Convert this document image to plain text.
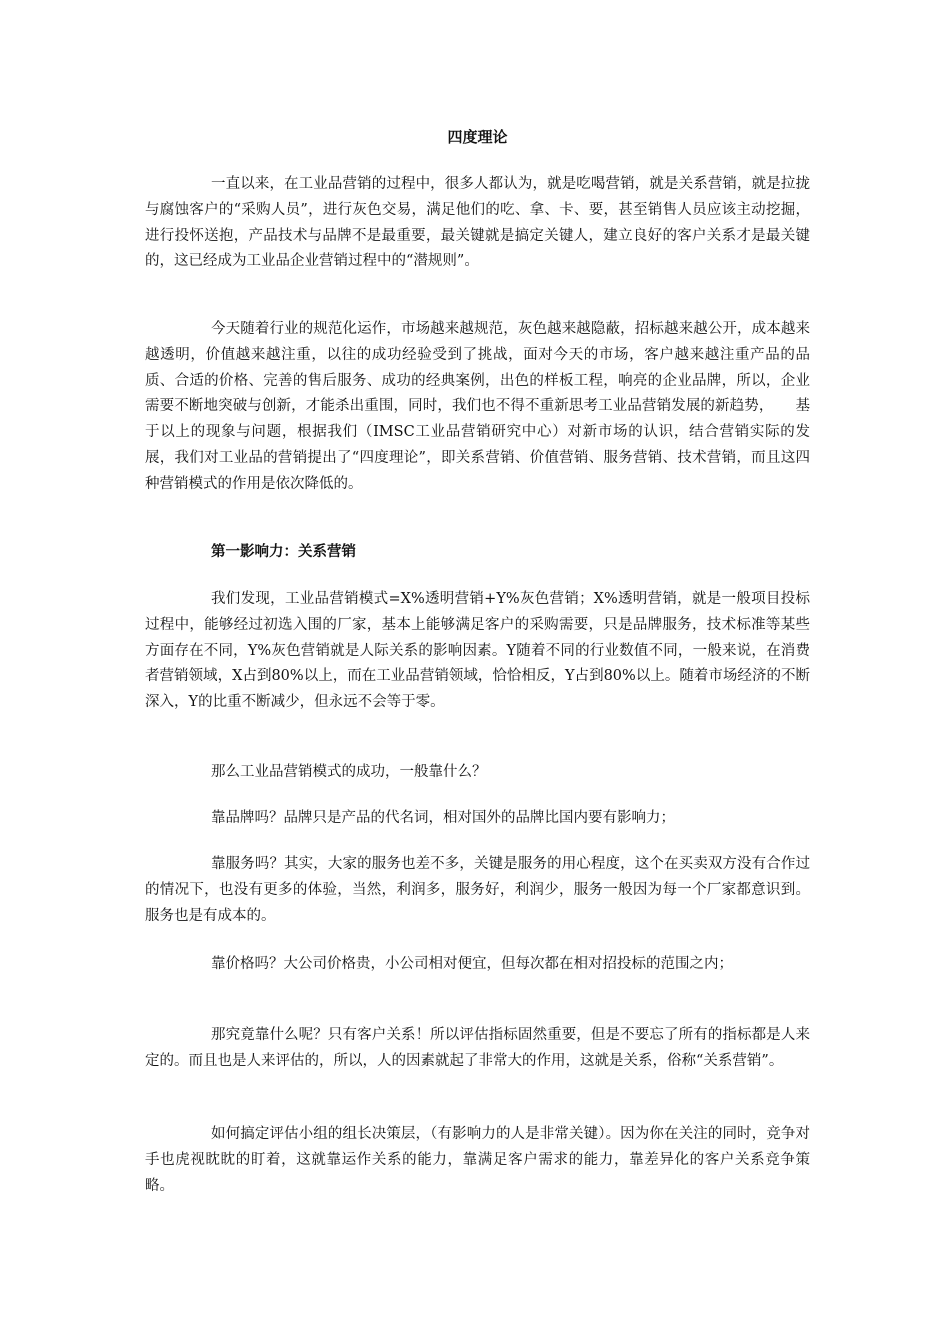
四度理论

一直以来，在工业品营销的过程中，很多人都认为，就是吃喝营销，就是关系营销，就是拉拢与腐蚀客户的“采购人员”，进行灰色交易，满足他们的吃、拿、卡、要，甚至销售人员应该主动挖掘，进行投怀送抱，产品技术与品牌不是最重要，最关键就是搞定关键人，建立良好的客户关系才是最关键的，这已经成为工业品企业营销过程中的“潜规则”。

今天随着行业的规范化运作，市场越来越规范，灰色越来越隐蔽，招标越来越公开，成本越来越透明，价值越来越注重，以往的成功经验受到了挑战，面对今天的市场，客户越来越注重产品的品质、合适的价格、完善的售后服务、成功的经典案例，出色的样板工程，响亮的企业品牌，所以，企业需要不断地突破与创新，才能杀出重围，同时，我们也不得不重新思考工业品营销发展的新趋势，　　基于以上的现象与问题，根据我们（IMSC工业品营销研究中心）对新市场的认识，结合营销实际的发展，我们对工业品的营销提出了“四度理论”，即关系营销、价值营销、服务营销、技术营销，而且这四种营销模式的作用是依次降低的。

第一影响力：关系营销

我们发现，工业品营销模式=X%透明营销+Y%灰色营销；X%透明营销，就是一般项目投标过程中，能够经过初选入围的厂家，基本上能够满足客户的采购需要，只是品牌服务，技术标准等某些方面存在不同，Y%灰色营销就是人际关系的影响因素。Y随着不同的行业数值不同，一般来说，在消费者营销领域，X占到80%以上，而在工业品营销领域，恰恰相反，Y占到80%以上。随着市场经济的不断深入，Y的比重不断减少，但永远不会等于零。

那么工业品营销模式的成功，一般靠什么？

靠品牌吗？品牌只是产品的代名词，相对国外的品牌比国内要有影响力；

靠服务吗？其实，大家的服务也差不多，关键是服务的用心程度，这个在买卖双方没有合作过的情况下，也没有更多的体验，当然，利润多，服务好，利润少，服务一般因为每一个厂家都意识到。服务也是有成本的。

靠价格吗？大公司价格贵，小公司相对便宜，但每次都在相对招投标的范围之内；

那究竟靠什么呢？只有客户关系！所以评估指标固然重要，但是不要忘了所有的指标都是人来定的。而且也是人来评估的，所以，人的因素就起了非常大的作用，这就是关系，俗称“关系营销”。

如何搞定评估小组的组长决策层，（有影响力的人是非常关键）。因为你在关注的同时，竞争对手也虎视眈眈的盯着，这就靠运作关系的能力，靠满足客户需求的能力，靠差异化的客户关系竞争策略。
